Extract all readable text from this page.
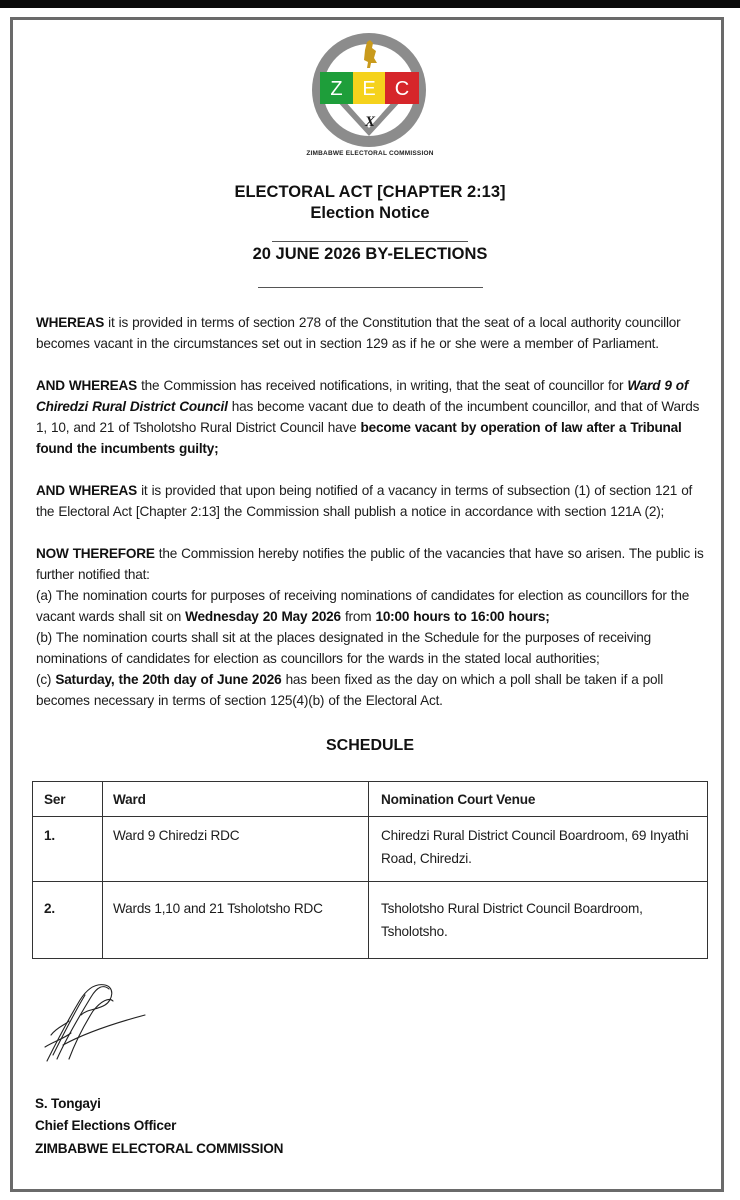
Z E C
X
ZIMBABWE ELECTORAL COMMISSION
ELECTORAL ACT [CHAPTER 2:13]
Election Notice
20 JUNE 2026 BY-ELECTIONS
WHEREAS it is provided in terms of section 278 of the Constitution that the seat of a local authority councillor becomes vacant in the circumstances set out in section 129 as if he or she were a member of Parliament.
AND WHEREAS the Commission has received notifications, in writing, that the seat of councillor for Ward 9 of Chiredzi Rural District Council has become vacant due to death of the incumbent councillor, and that of Wards 1, 10, and 21 of Tsholotsho Rural District Council have become vacant by operation of law after a Tribunal found the incumbents guilty;
AND WHEREAS it is provided that upon being notified of a vacancy in terms of subsection (1) of section 121 of the Electoral Act [Chapter 2:13] the Commission shall publish a notice in accordance with section 121A (2);
NOW THEREFORE the Commission hereby notifies the public of the vacancies that have so arisen. The public is further notified that:
(a) The nomination courts for purposes of receiving nominations of candidates for election as councillors for the vacant wards shall sit on Wednesday 20 May 2026 from 10:00 hours to 16:00 hours;
(b) The nomination courts shall sit at the places designated in the Schedule for the purposes of receiving nominations of candidates for election as councillors for the wards in the stated local authorities;
(c) Saturday, the 20th day of June 2026 has been fixed as the day on which a poll shall be taken if a poll becomes necessary in terms of section 125(4)(b) of the Electoral Act.
SCHEDULE
Ser	Ward	Nomination Court Venue
1.	Ward 9 Chiredzi RDC	Chiredzi Rural District Council Boardroom, 69 Inyathi Road, Chiredzi.
2.	Wards 1,10 and 21 Tsholotsho RDC	Tsholotsho Rural District Council Boardroom, Tsholotsho.
S. Tongayi
Chief Elections Officer
ZIMBABWE ELECTORAL COMMISSION
